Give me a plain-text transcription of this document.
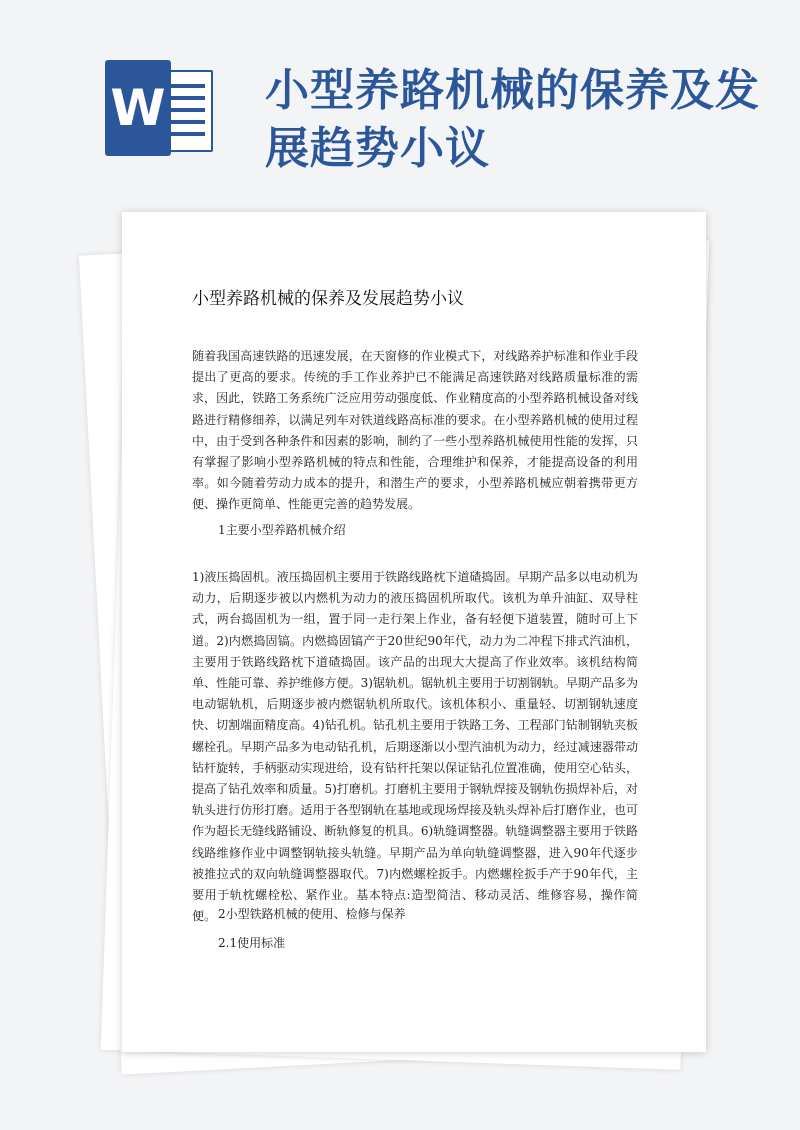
W 小型养路机械的保养及发展趋势小议
小型养路机械的保养及发展趋势小议

随着我国高速铁路的迅速发展，在天窗修的作业模式下，对线路养护标准和作业手段提出了更高的要求。传统的手工作业养护已不能满足高速铁路对线路质量标准的需求，因此，铁路工务系统广泛应用劳动强度低、作业精度高的小型养路机械设备对线路进行精修细养，以满足列车对铁道线路高标准的要求。在小型养路机械的使用过程中，由于受到各种条件和因素的影响，制约了一些小型养路机械使用性能的发挥，只有掌握了影响小型养路机械的特点和性能，合理维护和保养，才能提高设备的利用率。如今随着劳动力成本的提升，和潜生产的要求，小型养路机械应朝着携带更方便、操作更简单、性能更完善的趋势发展。

1主要小型养路机械介绍

1)液压捣固机。液压捣固机主要用于铁路线路枕下道碴捣固。早期产品多以电动机为动力，后期逐步被以内燃机为动力的液压捣固机所取代。该机为单升油缸、双导柱式，两台捣固机为一组，置于同一走行架上作业，备有轻便下道装置，随时可上下道。2)内燃捣固镐。内燃捣固镐产于20世纪90年代，动力为二冲程下排式汽油机，主要用于铁路线路枕下道碴捣固。该产品的出现大大提高了作业效率。该机结构简单、性能可靠、养护维修方便。3)锯轨机。锯轨机主要用于切割钢轨。早期产品多为电动锯轨机，后期逐步被内燃锯轨机所取代。该机体积小、重量轻、切割钢轨速度快、切割端面精度高。4)钻孔机。钻孔机主要用于铁路工务、工程部门钻制钢轨夹板螺栓孔。早期产品多为电动钻孔机，后期逐渐以小型汽油机为动力，经过减速器带动钻杆旋转，手柄驱动实现进给，设有钻杆托架以保证钻孔位置准确，使用空心钻头，提高了钻孔效率和质量。5)打磨机。打磨机主要用于钢轨焊接及钢轨伤损焊补后，对轨头进行仿形打磨。适用于各型钢轨在基地或现场焊接及轨头焊补后打磨作业，也可作为超长无缝线路铺设、断轨修复的机具。6)轨缝调整器。轨缝调整器主要用于铁路线路维修作业中调整钢轨接头轨缝。早期产品为单向轨缝调整器，进入90年代逐步被推拉式的双向轨缝调整器取代。7)内燃螺栓扳手。内燃螺栓扳手产于90年代，主要用于轨枕螺栓松、紧作业。基本特点:造型简洁、移动灵活、维修容易，操作简便。 2小型铁路机械的使用、检修与保养
2.1使用标准
